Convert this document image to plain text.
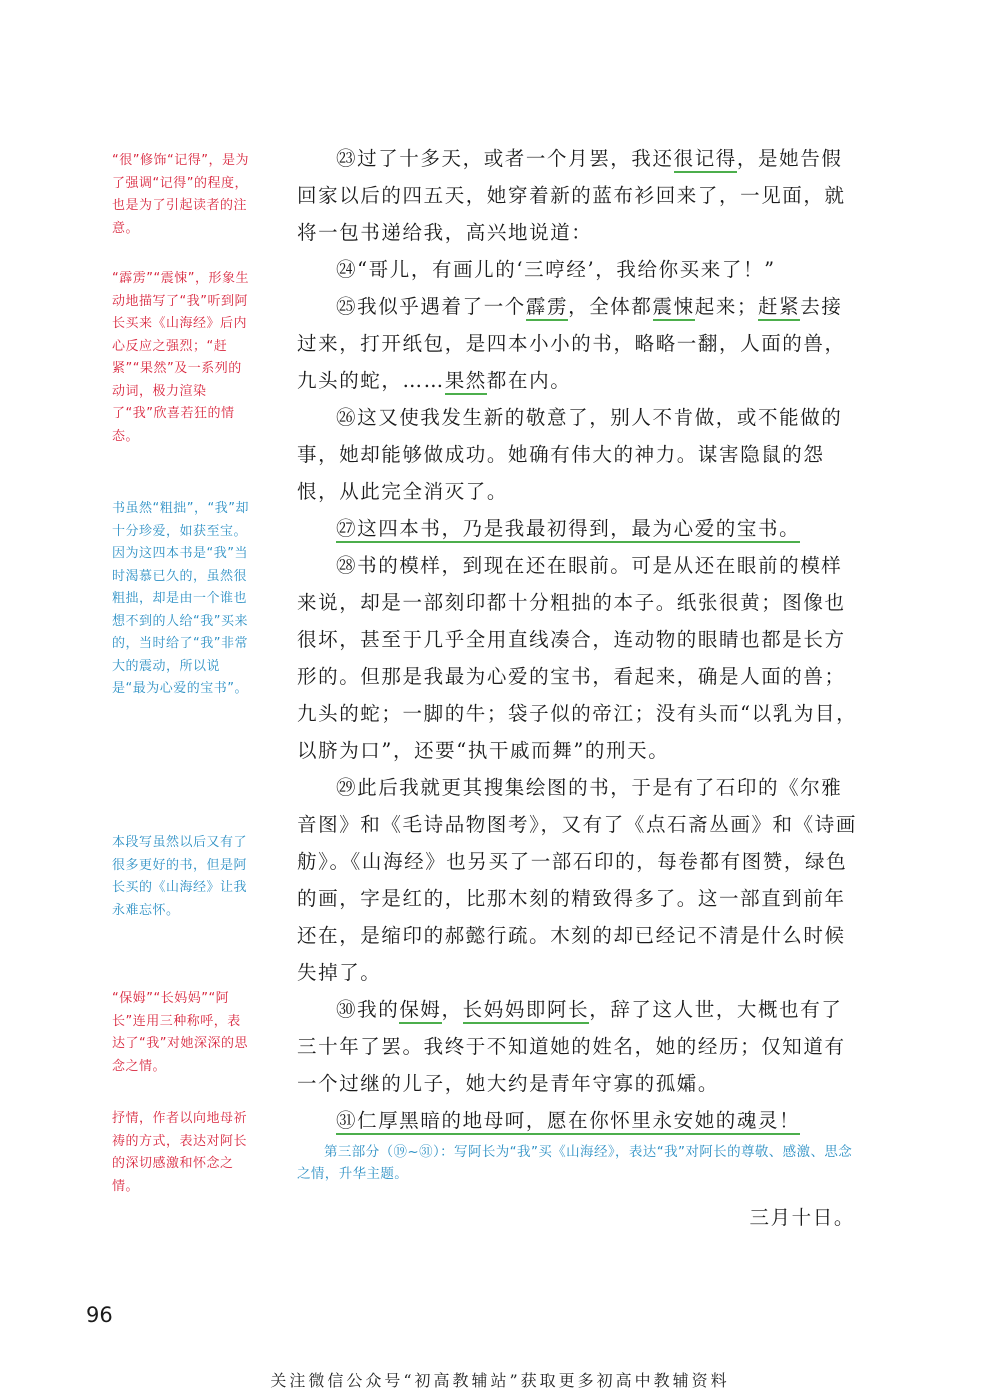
“很”修饰“记得”，是为了强调“记得”的程度，也是为了引起读者的注意。
“霹雳”“震悚”，形象生动地描写了“我”听到阿长买来《山海经》后内心反应之强烈；“赶紧”“果然”及一系列的动词，极力渲染了“我”欣喜若狂的情态。
书虽然“粗拙”，“我”却十分珍爱，如获至宝。因为这四本书是“我”当时渴慕已久的，虽然很粗拙，却是由一个谁也想不到的人给“我”买来的，当时给了“我”非常大的震动，所以说是“最为心爱的宝书”。
本段写虽然以后又有了很多更好的书，但是阿长买的《山海经》让我永难忘怀。
“保姆”“长妈妈”“阿长”连用三种称呼，表达了“我”对她深深的思念之情。
抒情，作者以向地母祈祷的方式，表达对阿长的深切感激和怀念之情。

㉓过了十多天，或者一个月罢，我还很记得，是她告假回家以后的四五天，她穿着新的蓝布衫回来了，一见面，就将一包书递给我，高兴地说道：

㉔“哥儿，有画儿的‘三哼经’，我给你买来了！”

㉕我似乎遇着了一个霹雳，全体都震悚起来；赶紧去接过来，打开纸包，是四本小小的书，略略一翻，人面的兽，九头的蛇，……果然都在内。

㉖这又使我发生新的敬意了，别人不肯做，或不能做的事，她却能够做成功。她确有伟大的神力。谋害隐鼠的怨恨，从此完全消灭了。

㉗这四本书，乃是我最初得到，最为心爱的宝书。

㉘书的模样，到现在还在眼前。可是从还在眼前的模样来说，却是一部刻印都十分粗拙的本子。纸张很黄；图像也很坏，甚至于几乎全用直线凑合，连动物的眼睛也都是长方形的。但那是我最为心爱的宝书，看起来，确是人面的兽；九头的蛇；一脚的牛；袋子似的帝江；没有头而“以乳为目，以脐为口”，还要“执干戚而舞”的刑天。

㉙此后我就更其搜集绘图的书，于是有了石印的《尔雅音图》和《毛诗品物图考》，又有了《点石斋丛画》和《诗画舫》。《山海经》也另买了一部石印的，每卷都有图赞，绿色的画，字是红的，比那木刻的精致得多了。这一部直到前年还在，是缩印的郝懿行疏。木刻的却已经记不清是什么时候失掉了。

㉚我的保姆，长妈妈即阿长，辞了这人世，大概也有了三十年了罢。我终于不知道她的姓名，她的经历；仅知道有一个过继的儿子，她大约是青年守寡的孤孀。

㉛仁厚黑暗的地母呵，愿在你怀里永安她的魂灵！

第三部分（⑲~㉛）：写阿长为“我”买《山海经》，表达“我”对阿长的尊敬、感激、思念之情，升华主题。

三月十日。

96
关注微信公众号“初高教辅站”获取更多初高中教辅资料
